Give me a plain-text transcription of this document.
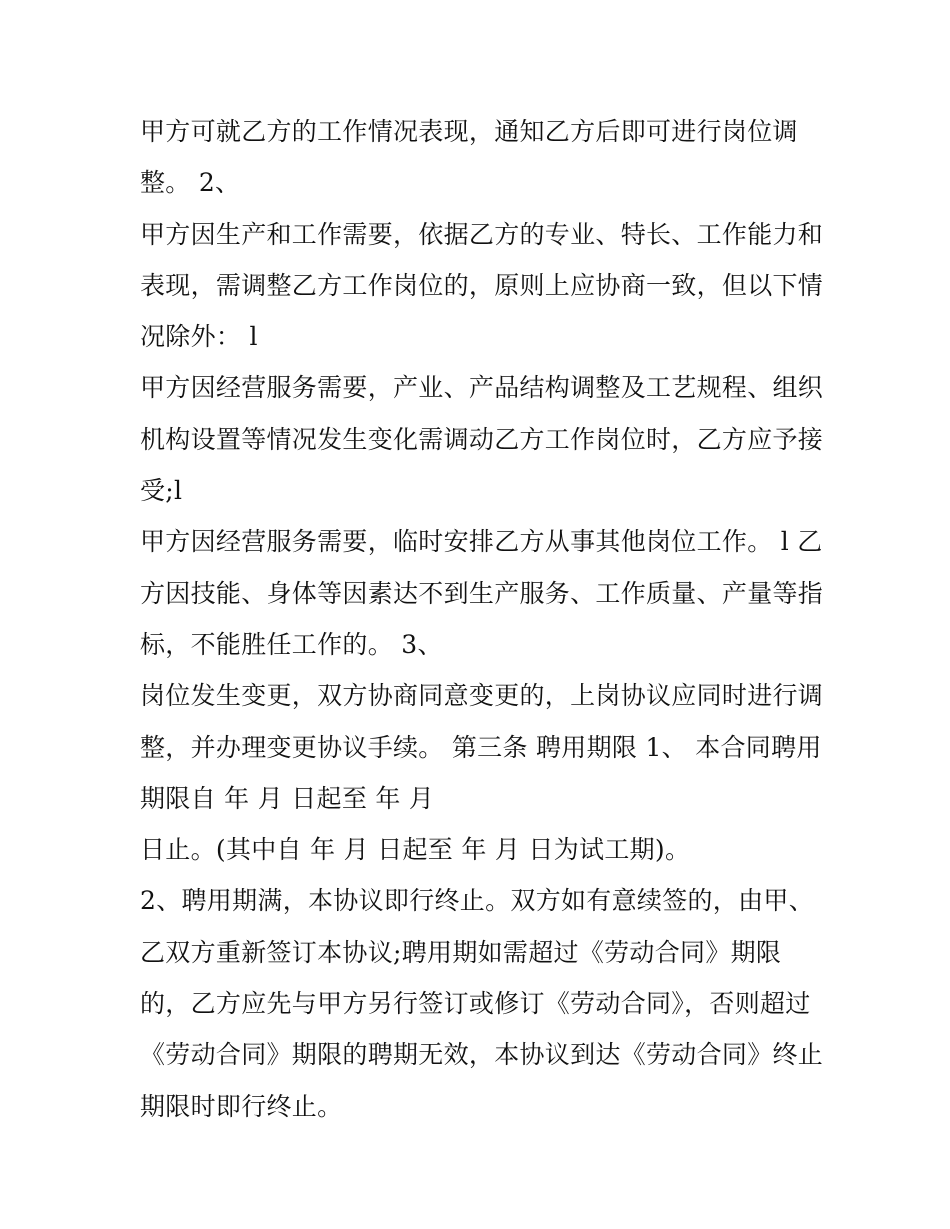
甲方可就乙方的工作情况表现，通知乙方后即可进行岗位调
整。 2、
甲方因生产和工作需要，依据乙方的专业、特长、工作能力和
表现，需调整乙方工作岗位的，原则上应协商一致，但以下情
况除外： l
甲方因经营服务需要，产业、产品结构调整及工艺规程、组织
机构设置等情况发生变化需调动乙方工作岗位时，乙方应予接
受;l
甲方因经营服务需要，临时安排乙方从事其他岗位工作。 l 乙
方因技能、身体等因素达不到生产服务、工作质量、产量等指
标，不能胜任工作的。 3、
岗位发生变更，双方协商同意变更的，上岗协议应同时进行调
整，并办理变更协议手续。 第三条 聘用期限 1、 本合同聘用
期限自 年 月 日起至 年 月
日止。(其中自 年 月 日起至 年 月 日为试工期)。
2、聘用期满，本协议即行终止。双方如有意续签的，由甲、
乙双方重新签订本协议;聘用期如需超过《劳动合同》期限
的，乙方应先与甲方另行签订或修订《劳动合同》，否则超过
《劳动合同》期限的聘期无效，本协议到达《劳动合同》终止
期限时即行终止。
